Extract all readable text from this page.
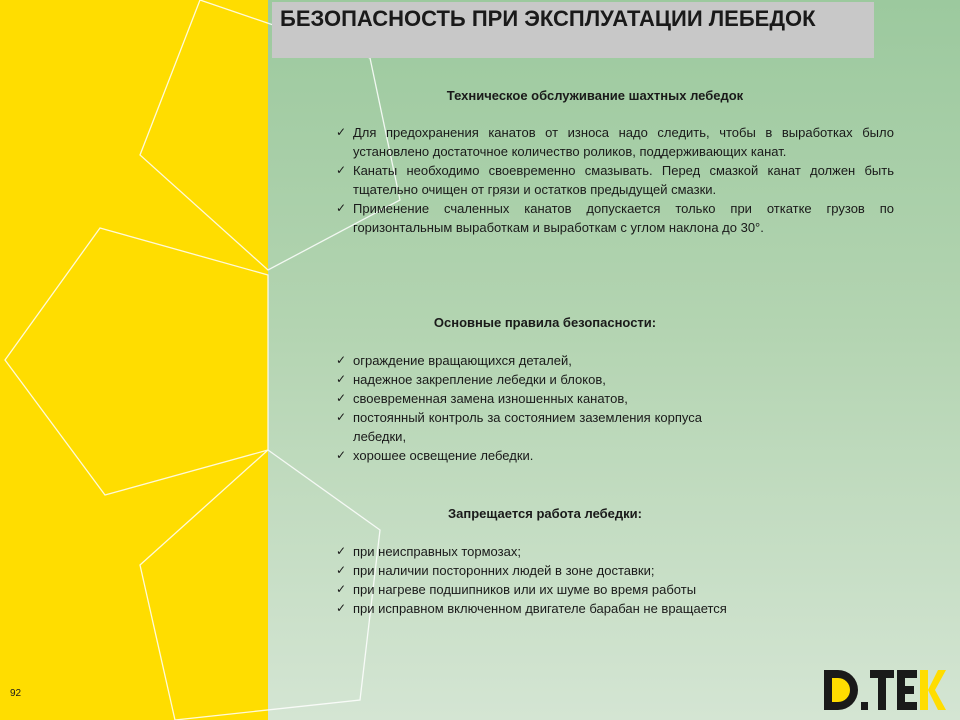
БЕЗОПАСНОСТЬ ПРИ ЭКСПЛУАТАЦИИ ЛЕБЕДОК
Техническое обслуживание шахтных лебедок
✓ Для предохранения канатов от износа надо следить, чтобы в выработках было установлено достаточное количество роликов, поддерживающих канат.
✓ Канаты необходимо своевременно смазывать. Перед смазкой канат должен быть тщательно очищен от грязи и остатков предыдущей смазки.
✓ Применение счаленных канатов допускается только при откатке грузов по горизонтальным выработкам и выработкам с углом наклона до 30°.
Основные правила безопасности:
✓ ограждение вращающихся деталей,
✓ надежное закрепление лебедки и блоков,
✓ своевременная замена изношенных канатов,
✓ постоянный контроль за состоянием заземления корпуса лебедки,
✓ хорошее освещение лебедки.
Запрещается работа лебедки:
✓ при неисправных тормозах;
✓ при наличии посторонних людей в зоне доставки;
✓ при нагреве подшипников или их шуме во время работы
✓ при исправном включенном двигателе барабан не вращается
92
